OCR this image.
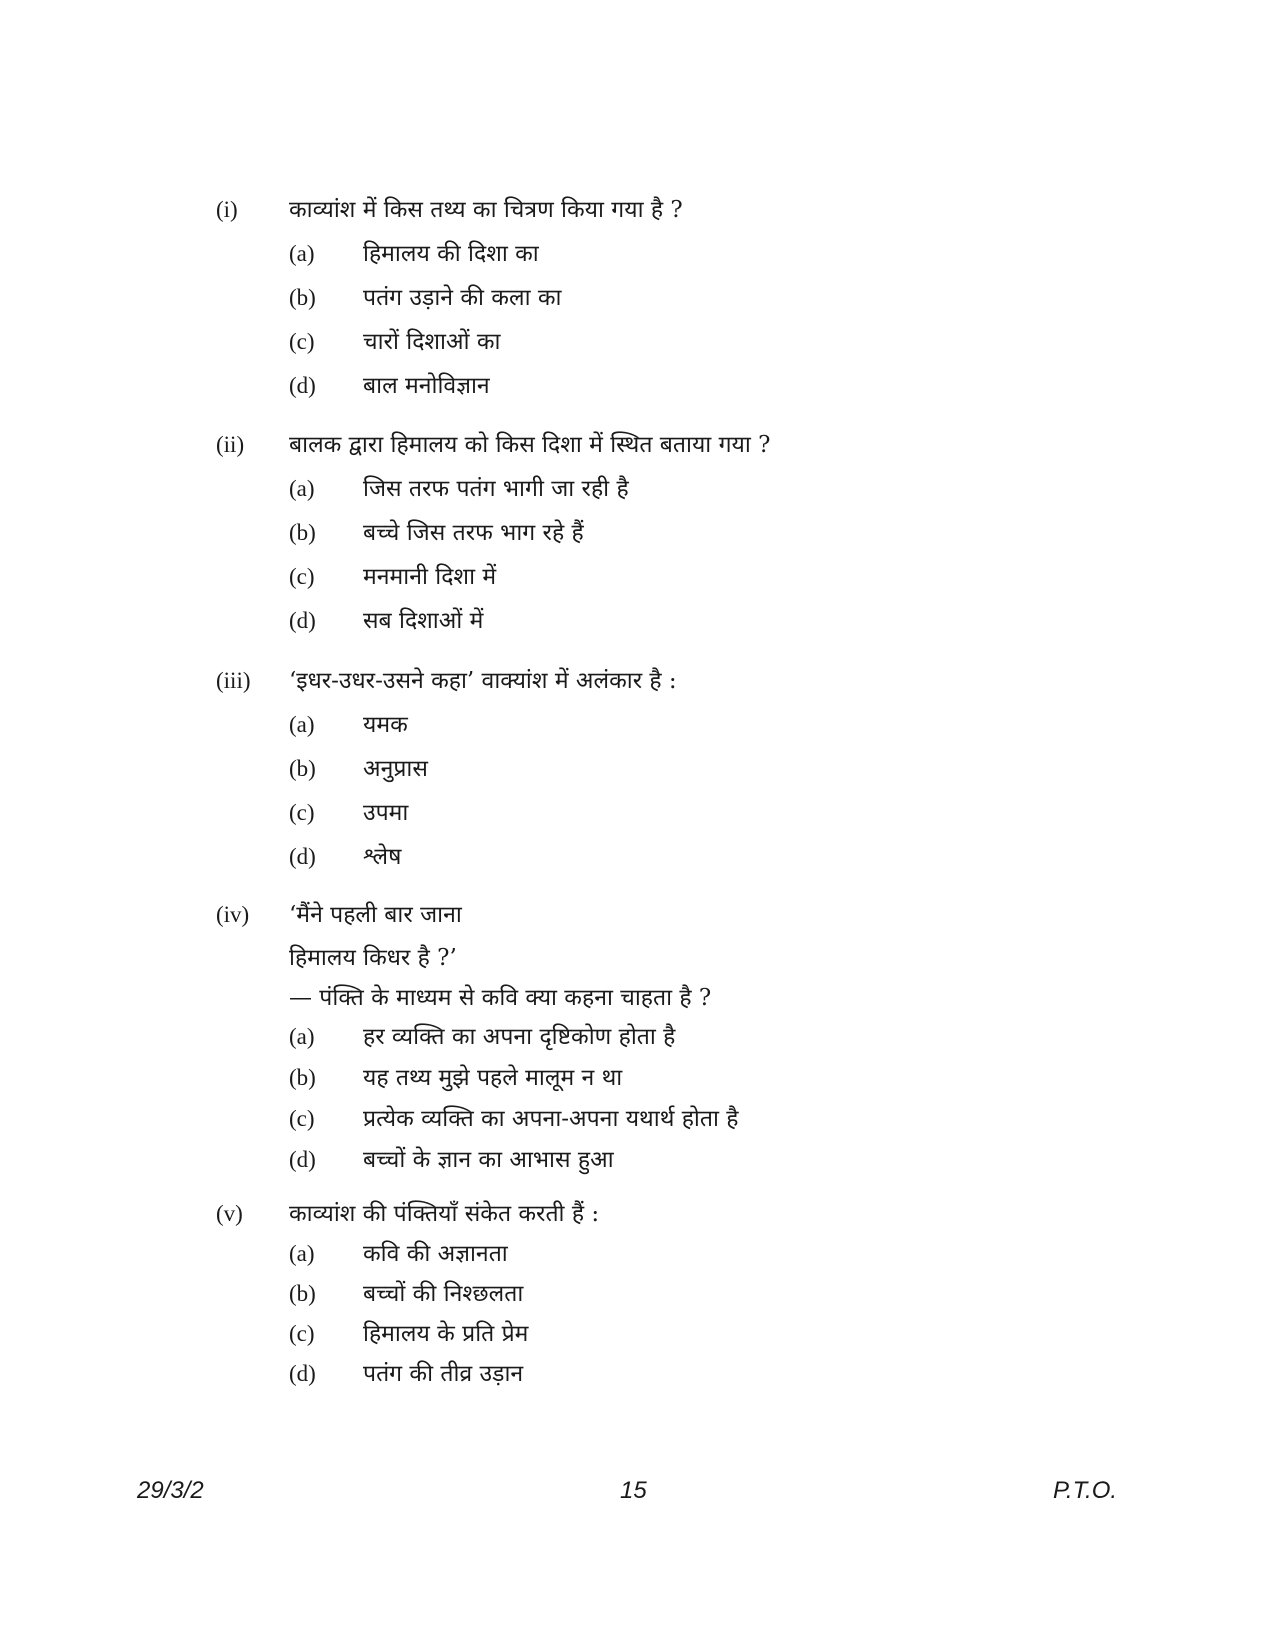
(i) काव्यांश में किस तथ्य का चित्रण किया गया है ?
(a) हिमालय की दिशा का
(b) पतंग उड़ाने की कला का
(c) चारों दिशाओं का
(d) बाल मनोविज्ञान
(ii) बालक द्वारा हिमालय को किस दिशा में स्थित बताया गया ?
(a) जिस तरफ पतंग भागी जा रही है
(b) बच्चे जिस तरफ भाग रहे हैं
(c) मनमानी दिशा में
(d) सब दिशाओं में
(iii) ‘इधर-उधर-उसने कहा’ वाक्यांश में अलंकार है :
(a) यमक
(b) अनुप्रास
(c) उपमा
(d) श्लेष
(iv) ‘मैंने पहली बार जाना
हिमालय किधर है ?’
— पंक्ति के माध्यम से कवि क्या कहना चाहता है ?
(a) हर व्यक्ति का अपना दृष्टिकोण होता है
(b) यह तथ्य मुझे पहले मालूम न था
(c) प्रत्येक व्यक्ति का अपना-अपना यथार्थ होता है
(d) बच्चों के ज्ञान का आभास हुआ
(v) काव्यांश की पंक्तियाँ संकेत करती हैं :
(a) कवि की अज्ञानता
(b) बच्चों की निश्छलता
(c) हिमालय के प्रति प्रेम
(d) पतंग की तीव्र उड़ान
29/3/2	15	P.T.O.
